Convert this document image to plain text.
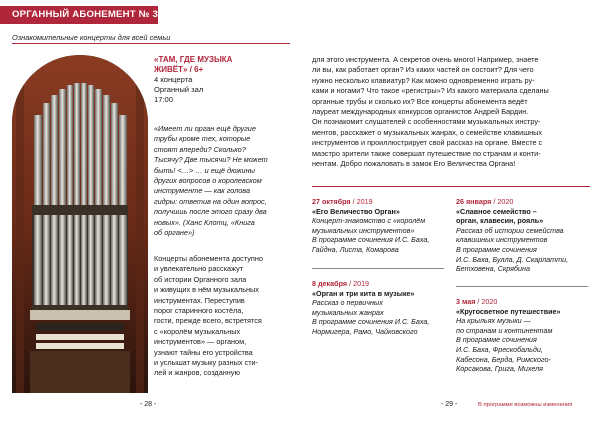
ОРГАННЫЙ АБОНЕМЕНТ № 3
Ознакомительные концерты для всей семьи
«ТАМ, ГДЕ МУЗЫКА
ЖИВЁТ» / 6+
4 концерта
Органный зал
17:00
«Имеет ли орган ещё другие
трубы кроме тех, которые
стоят впереди? Сколько?
Тысячу? Две тысячи? Не может
быть! <…> … и ещё дюжины
других вопросов о королевском
инструменте — как голова
гидры: ответив на один вопрос,
получишь после этого сразу два
новых». (Ханс Клотц, «Книга
об органе»)
Концерты абонемента доступно
и увлекательно расскажут
об истории Органного зала
и живущих в нём музыкальных
инструментах. Переступив
порог старинного костёла,
гости, прежде всего, встретятся
с «королём музыкальных
инструментов» — органом,
узнают тайны его устройства
и услышат музыку разных сти-
лей и жанров, созданную
- 28 -
для этого инструмента. А секретов очень много! Например, знаете
ли вы, как работает орган? Из каких частей он состоит? Для чего
нужно несколько клавиатур? Как можно одновременно играть ру-
ками и ногами? Что такое «регистры»? Из какого материала сделаны
органные трубы и сколько их? Все концерты абонемента ведёт
лауреат международных конкурсов органистов Андрей Бардин.
Он познакомит слушателей с особенностями музыкальных инстру-
ментов, расскажет о музыкальных жанрах, о семействе клавишных
инструментов и проиллюстрирует свой рассказ на органе. Вместе с
маэстро зрители также совершат путешествие по странам и конти-
нентам. Добро пожаловать в замок Его Величества Органа!
27 октября / 2019
«Его Величество Орган»
Концерт-знакомство с «королём
музыкальных инструментов»
В программе сочинения И.С. Баха,
Гайдна, Листа, Комарова
8 декабря / 2019
«Орган и три кита в музыке»
Рассказ о первичных
музыкальных жанрах
В программе сочинения И.С. Баха,
Нормигера, Рамо, Чайковского
26 января / 2020
«Славное семейство –
орган, клавесин, рояль»
Рассказ об истории семейства
клавишных инструментов
В программе сочинения
И.С. Баха, Булла, Д. Скарлатти,
Бетховена, Скрябина
3 мая / 2020
«Кругосветное путешествие»
На крыльях музыки —
по странам и континентам
В программе сочинения
И.С. Баха, Фрескобальди,
Кабесона, Берда, Римского-
Корсакова, Грига, Михеля
- 29 -	В программе возможны изменения
